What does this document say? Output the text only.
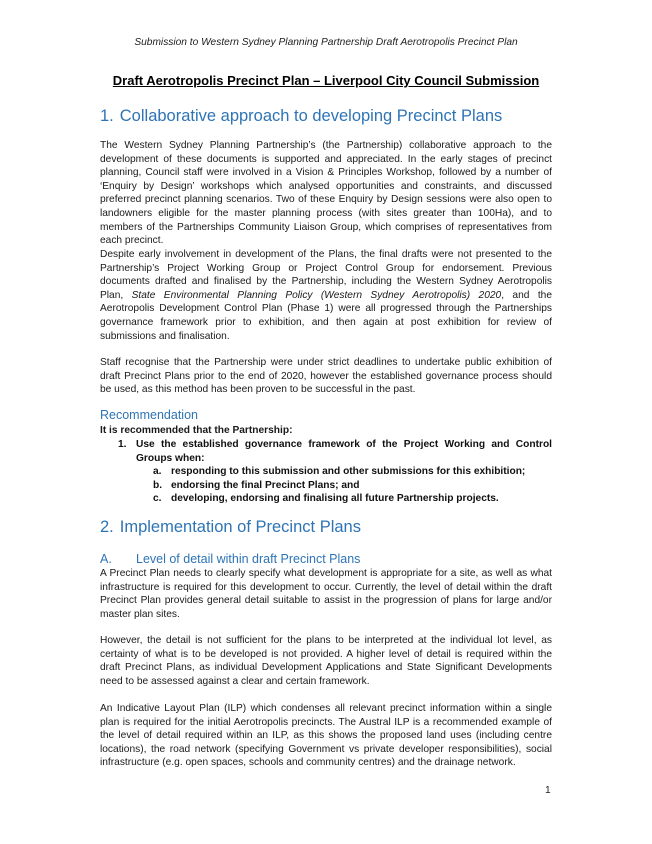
Submission to Western Sydney Planning Partnership Draft Aerotropolis Precinct Plan
Draft Aerotropolis Precinct Plan – Liverpool City Council Submission
1. Collaborative approach to developing Precinct Plans
The Western Sydney Planning Partnership’s (the Partnership) collaborative approach to the development of these documents is supported and appreciated. In the early stages of precinct planning, Council staff were involved in a Vision & Principles Workshop, followed by a number of ‘Enquiry by Design’ workshops which analysed opportunities and constraints, and discussed preferred precinct planning scenarios. Two of these Enquiry by Design sessions were also open to landowners eligible for the master planning process (with sites greater than 100Ha), and to members of the Partnerships Community Liaison Group, which comprises of representatives from each precinct.
Despite early involvement in development of the Plans, the final drafts were not presented to the Partnership’s Project Working Group or Project Control Group for endorsement. Previous documents drafted and finalised by the Partnership, including the Western Sydney Aerotropolis Plan, State Environmental Planning Policy (Western Sydney Aerotropolis) 2020, and the Aerotropolis Development Control Plan (Phase 1) were all progressed through the Partnerships governance framework prior to exhibition, and then again at post exhibition for review of submissions and finalisation.
Staff recognise that the Partnership were under strict deadlines to undertake public exhibition of draft Precinct Plans prior to the end of 2020, however the established governance process should be used, as this method has been proven to be successful in the past.
Recommendation
It is recommended that the Partnership:
1. Use the established governance framework of the Project Working and Control Groups when:
a. responding to this submission and other submissions for this exhibition;
b. endorsing the final Precinct Plans; and
c. developing, endorsing and finalising all future Partnership projects.
2. Implementation of Precinct Plans
A. Level of detail within draft Precinct Plans
A Precinct Plan needs to clearly specify what development is appropriate for a site, as well as what infrastructure is required for this development to occur. Currently, the level of detail within the draft Precinct Plan provides general detail suitable to assist in the progression of plans for large and/or master plan sites.
However, the detail is not sufficient for the plans to be interpreted at the individual lot level, as certainty of what is to be developed is not provided. A higher level of detail is required within the draft Precinct Plans, as individual Development Applications and State Significant Developments need to be assessed against a clear and certain framework.
An Indicative Layout Plan (ILP) which condenses all relevant precinct information within a single plan is required for the initial Aerotropolis precincts. The Austral ILP is a recommended example of the level of detail required within an ILP, as this shows the proposed land uses (including centre locations), the road network (specifying Government vs private developer responsibilities), social infrastructure (e.g. open spaces, schools and community centres) and the drainage network.
1
